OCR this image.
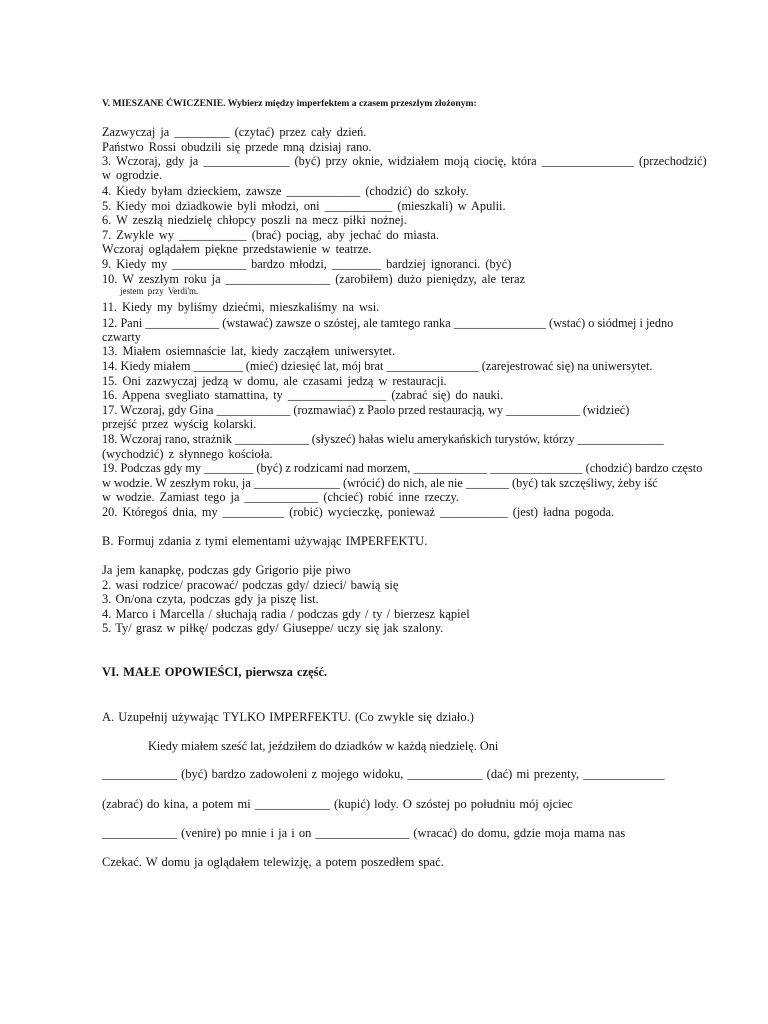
V. MIESZANE ĆWICZENIE. Wybierz między imperfektem a czasem przeszłym złożonym:
Zazwyczaj ja _________ (czytać) przez cały dzień.
Państwo Rossi obudzili się przede mną dzisiaj rano.
3. Wczoraj, gdy ja ______________ (być) przy oknie, widziałem moją ciocię, która _______________ (przechodzić)
w ogrodzie.
4. Kiedy byłam dzieckiem, zawsze ____________ (chodzić) do szkoły.
5. Kiedy moi dziadkowie byli młodzi, oni ___________ (mieszkali) w Apulii.
6. W zeszłą niedzielę chłopcy poszli na mecz piłki nożnej.
7. Zwykle wy ___________ (brać) pociąg, aby jechać do miasta.
Wczoraj oglądałem piękne przedstawienie w teatrze.
9. Kiedy my ____________ bardzo młodzi, ________ bardziej ignoranci. (być)
10. W zeszłym roku ja _________________ (zarobiłem) dużo pieniędzy, ale teraz
jestem przy Verdi'm.
11. Kiedy my byliśmy dziećmi, mieszkaliśmy na wsi.
12. Pani ____________ (wstawać) zawsze o szóstej, ale tamtego ranka _______________ (wstać) o siódmej i jedno
czwarty
13. Miałem osiemnaście lat, kiedy zacząłem uniwersytet.
14. Kiedy miałem ________ (mieć) dziesięć lat, mój brat _______________ (zarejestrować się) na uniwersytet.
15. Oni zazwyczaj jedzą w domu, ale czasami jedzą w restauracji.
16. Appena svegliato stamattina, ty ________________ (zabrać się) do nauki.
17. Wczoraj, gdy Gina ____________ (rozmawiać) z Paolo przed restauracją, wy ____________ (widzieć)
przejść przez wyścig kolarski.
18. Wczoraj rano, strażnik ____________ (słyszeć) hałas wielu amerykańskich turystów, którzy ______________
(wychodzić) z słynnego kościoła.
19. Podczas gdy my ________ (być) z rodzicami nad morzem, ____________ _______________ (chodzić) bardzo często
w wodzie. W zeszłym roku, ja ______________ (wrócić) do nich, ale nie _______ (być) tak szczęśliwy, żeby iść
w wodzie. Zamiast tego ja ____________ (chcieć) robić inne rzeczy.
20. Któregoś dnia, my __________ (robić) wycieczkę, ponieważ ___________ (jest) ładna pogoda.
B. Formuj zdania z tymi elementami używając IMPERFEKTU.
Ja jem kanapkę, podczas gdy Grigorio pije piwo
2. wasi rodzice/ pracować/ podczas gdy/ dzieci/ bawią się
3. On/ona czyta, podczas gdy ja piszę list.
4. Marco i Marcella / słuchają radia / podczas gdy / ty / bierzesz kąpiel
5. Ty/ grasz w piłkę/ podczas gdy/ Giuseppe/ uczy się jak szalony.
VI. MAŁE OPOWIEŚCI, pierwsza część.
A. Uzupełnij używając TYLKO IMPERFEKTU. (Co zwykle się działo.)
Kiedy miałem sześć lat, jeździłem do dziadków w każdą niedzielę. Oni
____________ (być) bardzo zadowoleni z mojego widoku, ____________ (dać) mi prezenty, _____________
(zabrać) do kina, a potem mi ____________ (kupić) lody. O szóstej po południu mój ojciec
____________ (venire) po mnie i ja i on _______________ (wracać) do domu, gdzie moja mama nas
Czekać. W domu ja oglądałem telewizję, a potem poszedłem spać.
